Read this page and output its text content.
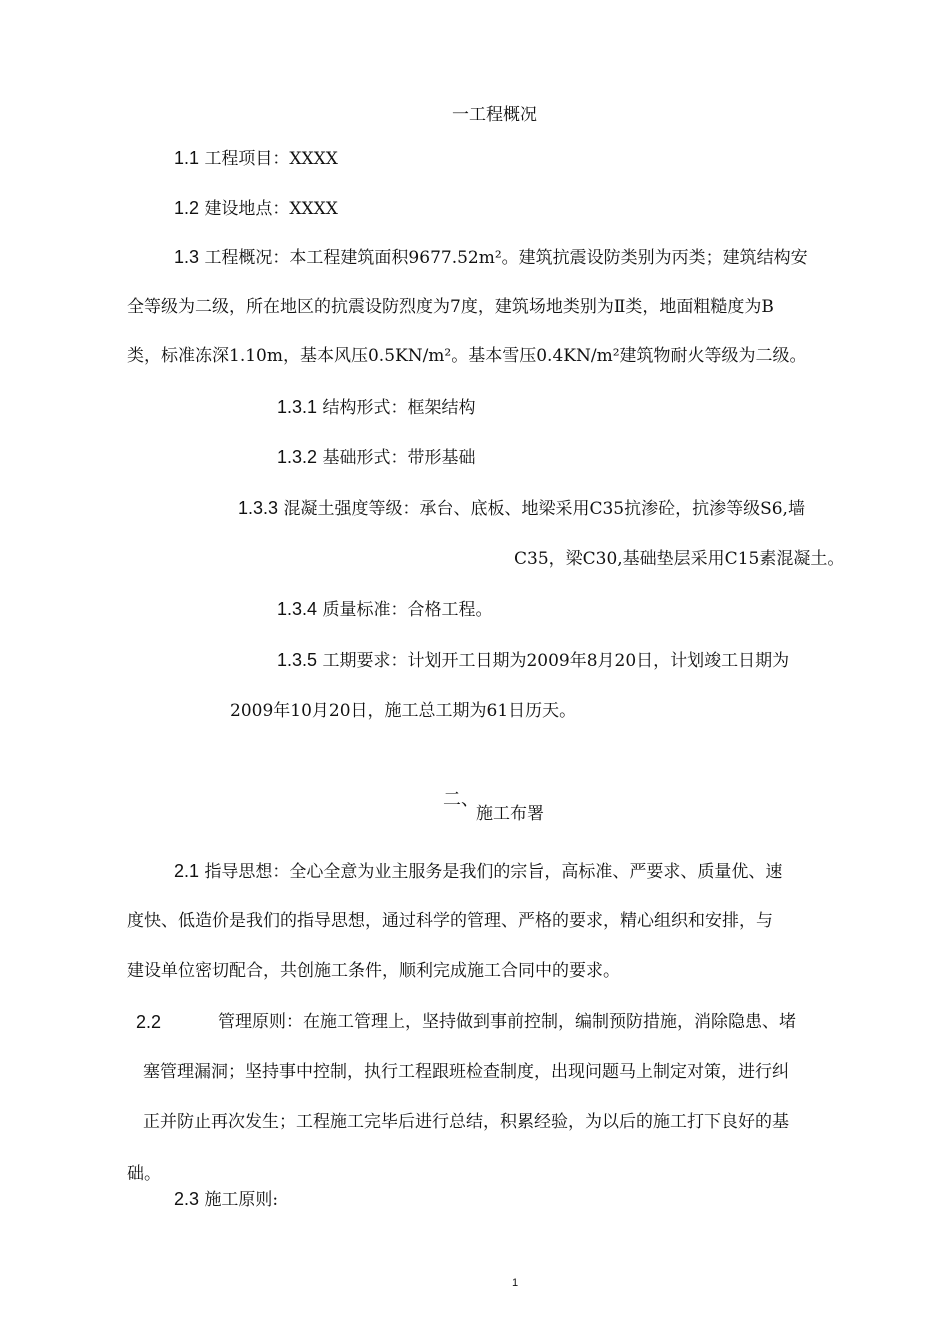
一工程概况
1.1 工程项目：XXXX
1.2 建设地点：XXXX
1.3 工程概况：本工程建筑面积9677.52m²。建筑抗震设防类别为丙类；建筑结构安
全等级为二级，所在地区的抗震设防烈度为7度，建筑场地类别为Ⅱ类，地面粗糙度为B
类，标准冻深1.10m，基本风压0.5KN/m²。基本雪压0.4KN/m²建筑物耐火等级为二级。
1.3.1 结构形式：框架结构
1.3.2 基础形式：带形基础
1.3.3 混凝土强度等级：承台、底板、地梁采用C35抗渗砼，抗渗等级S6,墙
C35，梁C30,基础垫层采用C15素混凝土。
1.3.4 质量标准：合格工程。
1.3.5 工期要求：计划开工日期为2009年8月20日，计划竣工日期为
2009年10月20日，施工总工期为61日历天。
二、
施工布署
2.1 指导思想：全心全意为业主服务是我们的宗旨，高标准、严要求、质量优、速
度快、低造价是我们的指导思想，通过科学的管理、严格的要求，精心组织和安排，与
建设单位密切配合，共创施工条件，顺利完成施工合同中的要求。
2.2	管理原则：在施工管理上，坚持做到事前控制，编制预防措施，消除隐患、堵
塞管理漏洞；坚持事中控制，执行工程跟班检查制度，出现问题马上制定对策，进行纠
正并防止再次发生；工程施工完毕后进行总结，积累经验，为以后的施工打下良好的基
础。
2.3 施工原则:
1
